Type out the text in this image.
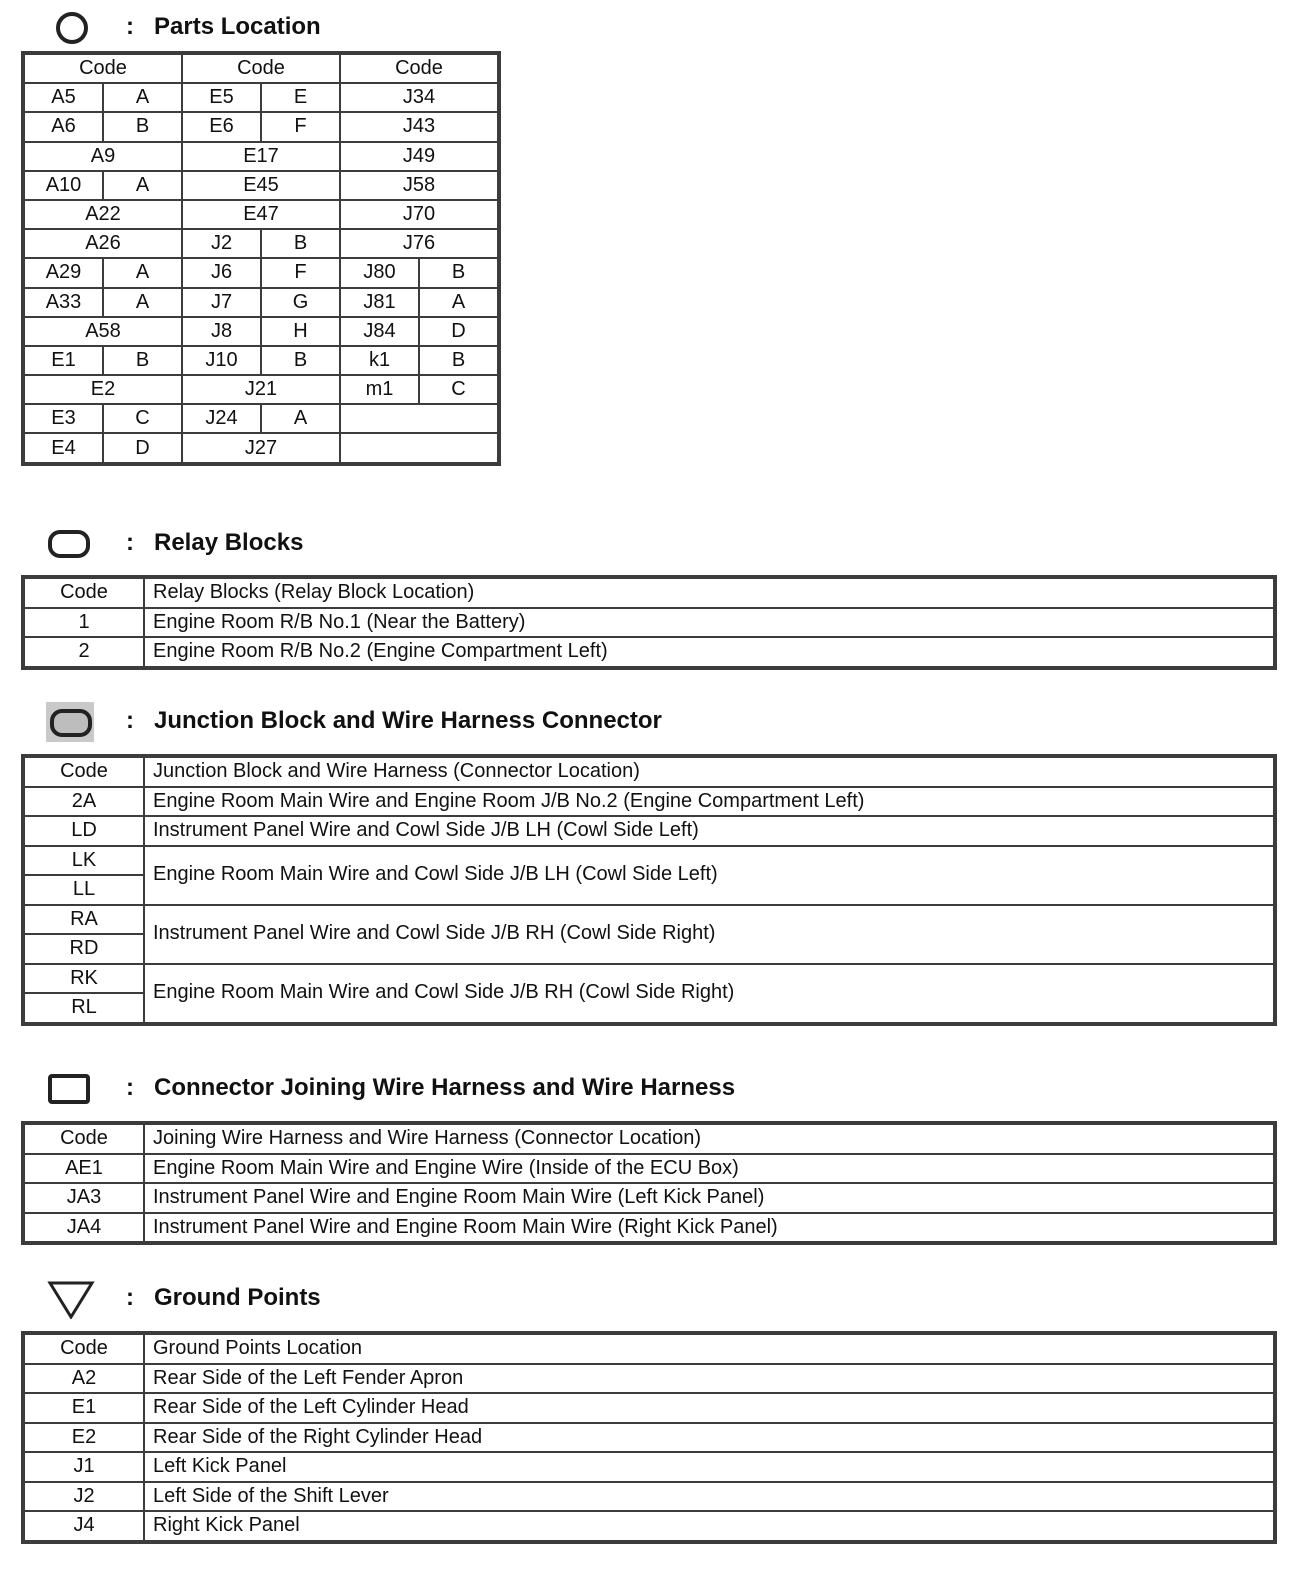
: Parts Location
Code		Code		Code	
A5	A	E5	E	J34	
A6	B	E6	F	J43	
A9		E17		J49	
A10	A	E45		J58	
A22		E47		J70	
A26		J2	B	J76	
A29	A	J6	F	J80	B
A33	A	J7	G	J81	A
A58		J8	H	J84	D
E1	B	J10	B	k1	B
E2		J21		m1	C
E3	C	J24	A		
E4	D	J27			
: Relay Blocks
Code	Relay Blocks (Relay Block Location)
1	Engine Room R/B No.1 (Near the Battery)
2	Engine Room R/B No.2 (Engine Compartment Left)
: Junction Block and Wire Harness Connector
Code	Junction Block and Wire Harness (Connector Location)
2A	Engine Room Main Wire and Engine Room J/B No.2 (Engine Compartment Left)
LD	Instrument Panel Wire and Cowl Side J/B LH (Cowl Side Left)
LK	Engine Room Main Wire and Cowl Side J/B LH (Cowl Side Left)
LL	
RA	Instrument Panel Wire and Cowl Side J/B RH (Cowl Side Right)
RD	
RK	Engine Room Main Wire and Cowl Side J/B RH (Cowl Side Right)
RL	
: Connector Joining Wire Harness and Wire Harness
Code	Joining Wire Harness and Wire Harness (Connector Location)
AE1	Engine Room Main Wire and Engine Wire (Inside of the ECU Box)
JA3	Instrument Panel Wire and Engine Room Main Wire (Left Kick Panel)
JA4	Instrument Panel Wire and Engine Room Main Wire (Right Kick Panel)
: Ground Points
Code	Ground Points Location
A2	Rear Side of the Left Fender Apron
E1	Rear Side of the Left Cylinder Head
E2	Rear Side of the Right Cylinder Head
J1	Left Kick Panel
J2	Left Side of the Shift Lever
J4	Right Kick Panel
